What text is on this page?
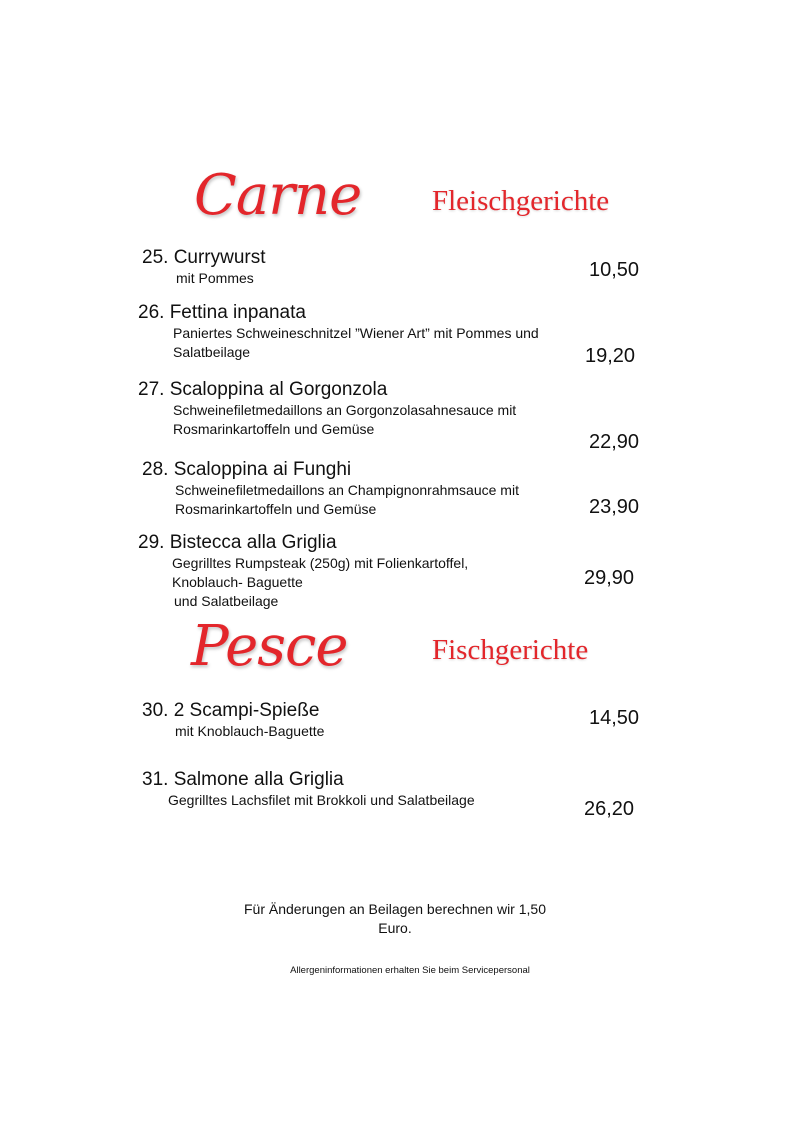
Carne Fleischgerichte
25. Currywurst
mit Pommes	10,50
26. Fettina inpanata
Paniertes Schweineschnitzel ”Wiener Art” mit Pommes und
Salatbeilage	19,20
27. Scaloppina al Gorgonzola
Schweinefiletmedaillons an Gorgonzolasahnesauce mit
Rosmarinkartoffeln und Gemüse
22,90
28. Scaloppina ai Funghi
Schweinefiletmedaillons an Champignonrahmsauce mit
Rosmarinkartoffeln und Gemüse	23,90
29. Bistecca alla Griglia
Gegrilltes Rumpsteak (250g) mit Folienkartoffel,
Knoblauch- Baguette
und Salatbeilage
29,90
Pesce	Fischgerichte
30. 2 Scampi-Spieße
mit Knoblauch-Baguette
14,50
31. Salmone alla Griglia
Gegrilltes Lachsfilet mit Brokkoli und Salatbeilage	26,20
Für Änderungen an Beilagen berechnen wir 1,50
Euro.
Allergeninformationen erhalten Sie beim Servicepersonal
